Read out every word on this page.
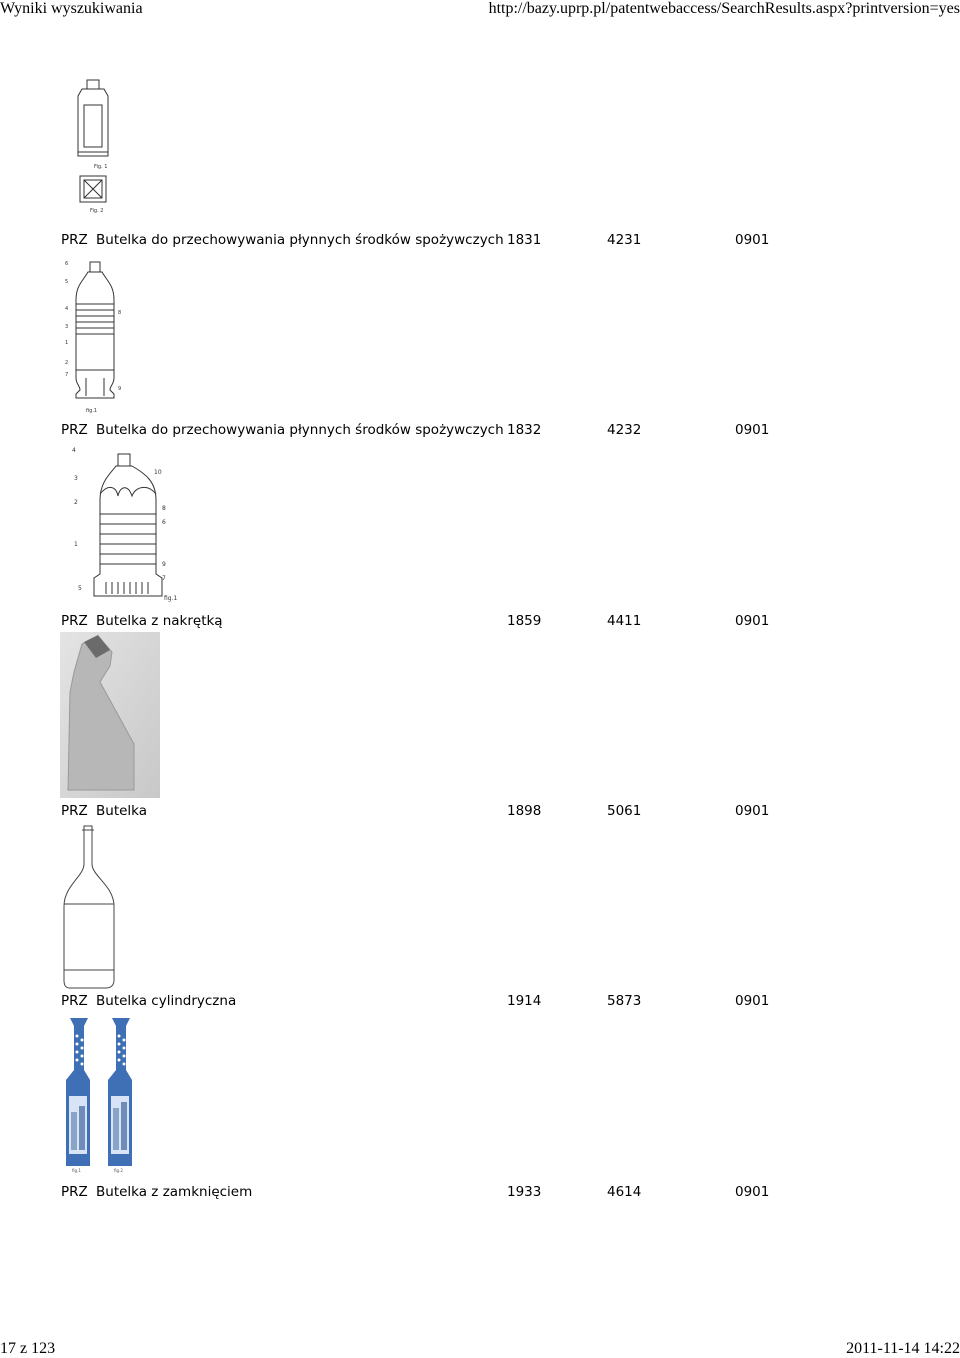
Wyniki wyszukiwania	http://bazy.uprp.pl/patentwebaccess/SearchResults.aspx?printversion=yes
Fig. 1
Fig. 2
PRZ Butelka do przechowywania płynnych środków spożywczych 1831	4231	0901
6
5
4
3
1
2
7
8
9
fig.1
PRZ Butelka do przechowywania płynnych środków spożywczych 1832	4232	0901
4
10
3
2
8
6
1
9
7
5
fig.1
PRZ Butelka z nakrętką	1859	4411	0901
PRZ Butelka	1898	5061	0901
PRZ Butelka cylindryczna	1914	5873	0901
fig.1	fig.2
PRZ Butelka z zamknięciem	1933	4614	0901
17 z 123	2011-11-14 14:22
